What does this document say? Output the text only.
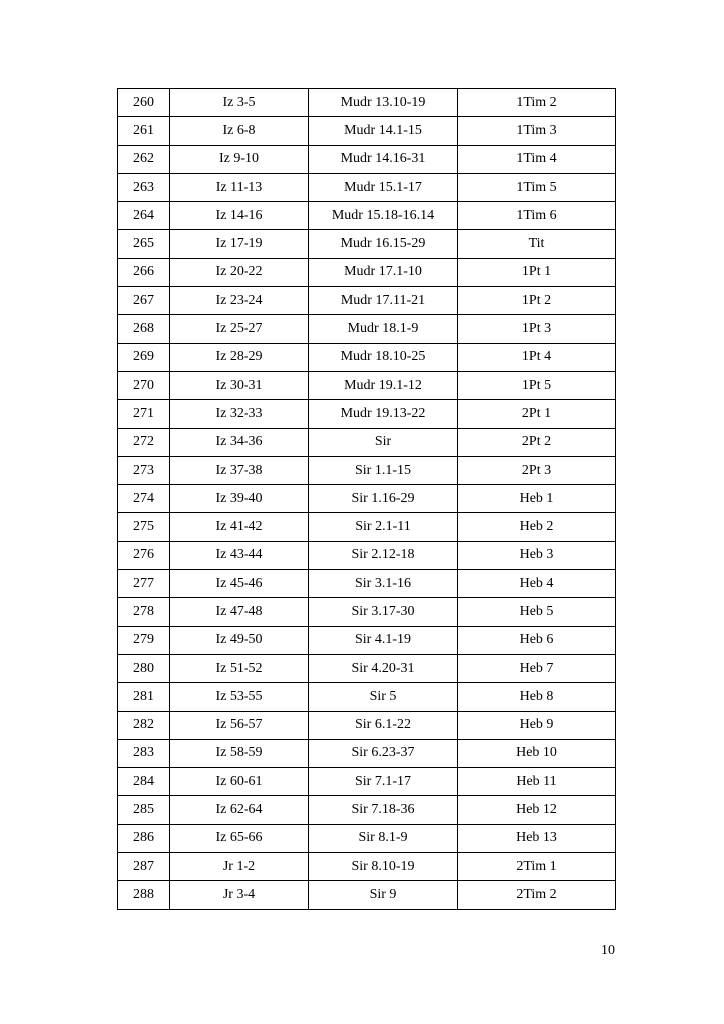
260	Iz 3-5	Mudr 13.10-19	1Tim 2
261	Iz 6-8	Mudr 14.1-15	1Tim 3
262	Iz 9-10	Mudr 14.16-31	1Tim 4
263	Iz 11-13	Mudr 15.1-17	1Tim 5
264	Iz 14-16	Mudr 15.18-16.14	1Tim 6
265	Iz 17-19	Mudr 16.15-29	Tit
266	Iz 20-22	Mudr 17.1-10	1Pt 1
267	Iz 23-24	Mudr 17.11-21	1Pt 2
268	Iz 25-27	Mudr 18.1-9	1Pt 3
269	Iz 28-29	Mudr 18.10-25	1Pt 4
270	Iz 30-31	Mudr 19.1-12	1Pt 5
271	Iz 32-33	Mudr 19.13-22	2Pt 1
272	Iz 34-36	Sir	2Pt 2
273	Iz 37-38	Sir 1.1-15	2Pt 3
274	Iz 39-40	Sir 1.16-29	Heb 1
275	Iz 41-42	Sir 2.1-11	Heb 2
276	Iz 43-44	Sir 2.12-18	Heb 3
277	Iz 45-46	Sir 3.1-16	Heb 4
278	Iz 47-48	Sir 3.17-30	Heb 5
279	Iz 49-50	Sir 4.1-19	Heb 6
280	Iz 51-52	Sir 4.20-31	Heb 7
281	Iz 53-55	Sir 5	Heb 8
282	Iz 56-57	Sir 6.1-22	Heb 9
283	Iz 58-59	Sir 6.23-37	Heb 10
284	Iz 60-61	Sir 7.1-17	Heb 11
285	Iz 62-64	Sir 7.18-36	Heb 12
286	Iz 65-66	Sir 8.1-9	Heb 13
287	Jr 1-2	Sir 8.10-19	2Tim 1
288	Jr 3-4	Sir 9	2Tim 2
10
